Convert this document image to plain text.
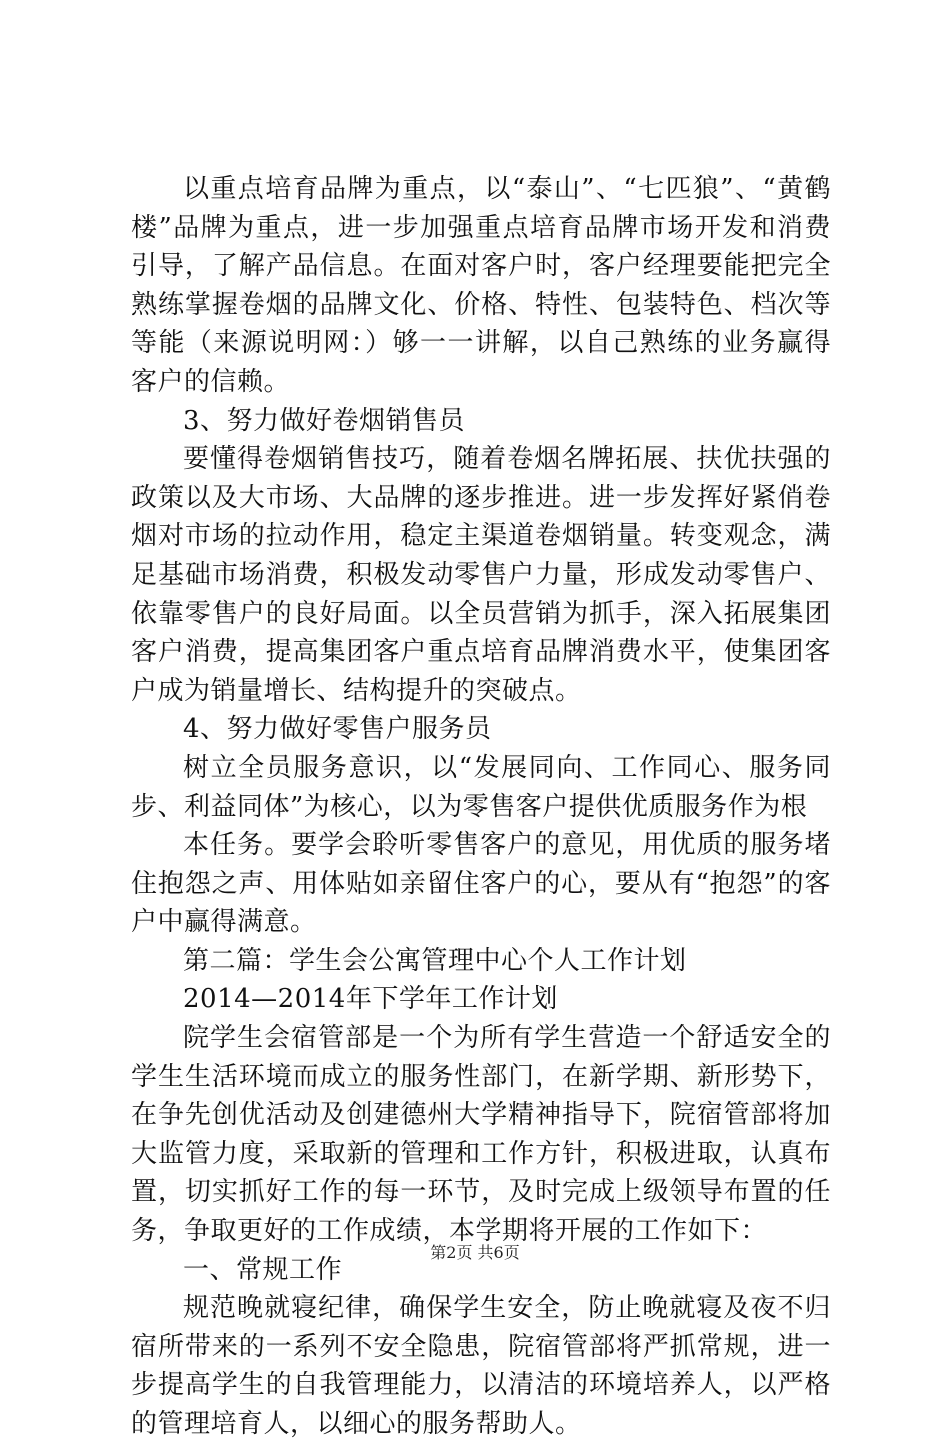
以重点培育品牌为重点，以“泰山”、“七匹狼”、“黄鹤楼”品牌为重点，进一步加强重点培育品牌市场开发和消费引导，了解产品信息。在面对客户时，客户经理要能把完全熟练掌握卷烟的品牌文化、价格、特性、包装特色、档次等等能（来源说明网：）够一一讲解，以自己熟练的业务赢得客户的信赖。

3、努力做好卷烟销售员

要懂得卷烟销售技巧，随着卷烟名牌拓展、扶优扶强的政策以及大市场、大品牌的逐步推进。进一步发挥好紧俏卷烟对市场的拉动作用，稳定主渠道卷烟销量。转变观念，满足基础市场消费，积极发动零售户力量，形成发动零售户、依靠零售户的良好局面。以全员营销为抓手，深入拓展集团客户消费，提高集团客户重点培育品牌消费水平，使集团客户成为销量增长、结构提升的突破点。

4、努力做好零售户服务员

树立全员服务意识，以“发展同向、工作同心、服务同步、利益同体”为核心，以为零售客户提供优质服务作为根

本任务。要学会聆听零售客户的意见，用优质的服务堵住抱怨之声、用体贴如亲留住客户的心，要从有“抱怨”的客户中赢得满意。

第二篇：学生会公寓管理中心个人工作计划

2014—2014年下学年工作计划

院学生会宿管部是一个为所有学生营造一个舒适安全的学生生活环境而成立的服务性部门，在新学期、新形势下，在争先创优活动及创建德州大学精神指导下，院宿管部将加大监管力度，采取新的管理和工作方针，积极进取，认真布置，切实抓好工作的每一环节，及时完成上级领导布置的任务，争取更好的工作成绩，本学期将开展的工作如下：

一、常规工作

规范晚就寝纪律，确保学生安全，防止晚就寝及夜不归宿所带来的一系列不安全隐患，院宿管部将严抓常规，进一步提高学生的自我管理能力，以清洁的环境培养人，以严格的管理培育人，以细心的服务帮助人。

第2页 共6页
